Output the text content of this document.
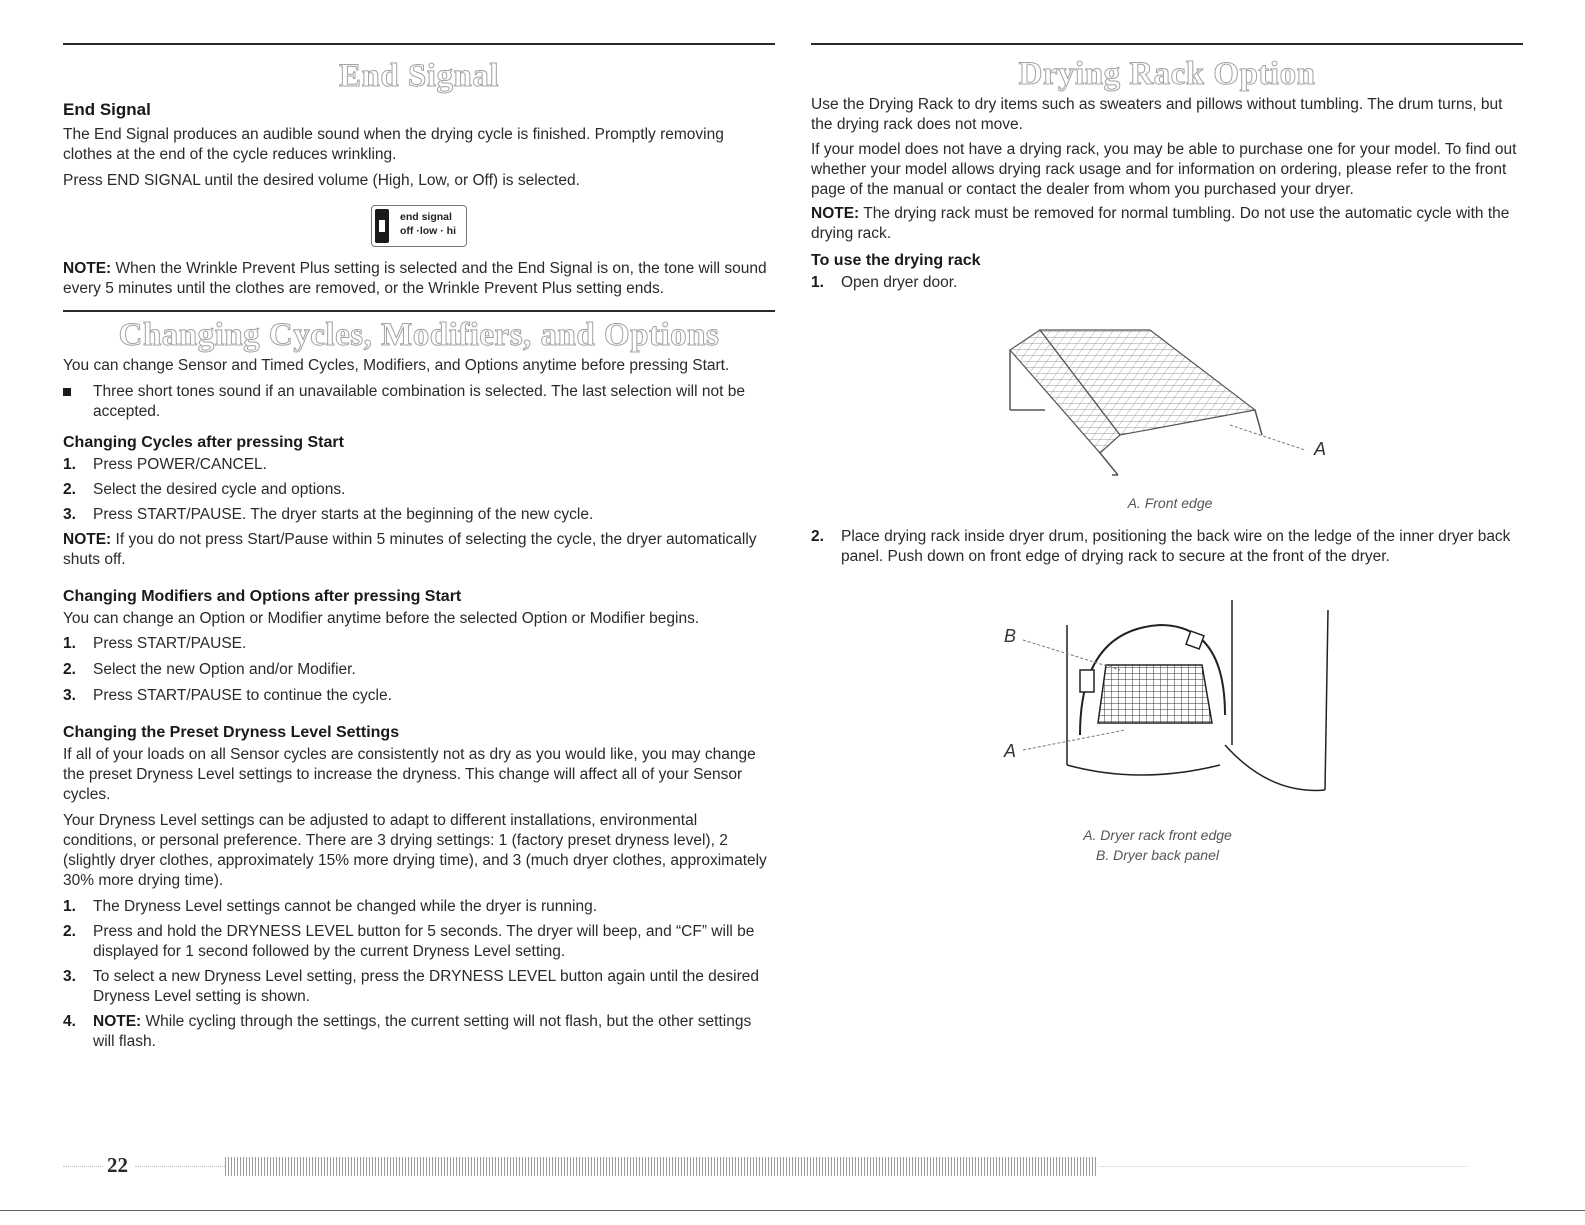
End Signal
End Signal

The End Signal produces an audible sound when the drying cycle is finished. Promptly removing clothes at the end of the cycle reduces wrinkling.

Press END SIGNAL until the desired volume (High, Low, or Off) is selected.

end signal
off ·low · hi

NOTE: When the Wrinkle Prevent Plus setting is selected and the End Signal is on, the tone will sound every 5 minutes until the clothes are removed, or the Wrinkle Prevent Plus setting ends.

Changing Cycles, Modifiers, and Options

You can change Sensor and Timed Cycles, Modifiers, and Options anytime before pressing Start.

Three short tones sound if an unavailable combination is selected. The last selection will not be accepted.
Changing Cycles after pressing Start
1. Press POWER/CANCEL.
2. Select the desired cycle and options.
3. Press START/PAUSE. The dryer starts at the beginning of the new cycle.

NOTE: If you do not press Start/Pause within 5 minutes of selecting the cycle, the dryer automatically shuts off.

Changing Modifiers and Options after pressing Start

You can change an Option or Modifier anytime before the selected Option or Modifier begins.

1. Press START/PAUSE.
2. Select the new Option and/or Modifier.
3. Press START/PAUSE to continue the cycle.
Changing the Preset Dryness Level Settings

If all of your loads on all Sensor cycles are consistently not as dry as you would like, you may change the preset Dryness Level settings to increase the dryness. This change will affect all of your Sensor cycles.

Your Dryness Level settings can be adjusted to adapt to different installations, environmental conditions, or personal preference. There are 3 drying settings: 1 (factory preset dryness level), 2 (slightly dryer clothes, approximately 15% more drying time), and 3 (much dryer clothes, approximately 30% more drying time).

1. The Dryness Level settings cannot be changed while the dryer is running.
2. Press and hold the DRYNESS LEVEL button for 5 seconds. The dryer will beep, and “CF” will be displayed for 1 second followed by the current Dryness Level setting.
3. To select a new Dryness Level setting, press the DRYNESS LEVEL button again until the desired Dryness Level setting is shown.
4. NOTE: While cycling through the settings, the current setting will not flash, but the other settings will flash.
Drying Rack Option

Use the Drying Rack to dry items such as sweaters and pillows without tumbling. The drum turns, but the drying rack does not move.

If your model does not have a drying rack, you may be able to purchase one for your model. To find out whether your model allows drying rack usage and for information on ordering, please refer to the front page of the manual or contact the dealer from whom you purchased your dryer.

NOTE: The drying rack must be removed for normal tumbling. Do not use the automatic cycle with the drying rack.

To use the drying rack
1. Open dryer door.
A

A. Front edge

2. Place drying rack inside dryer drum, positioning the back wire on the ledge of the inner dryer back panel. Push down on front edge of drying rack to secure at the front of the dryer.
B
A

A. Dryer rack front edge

B. Dryer back panel

22
